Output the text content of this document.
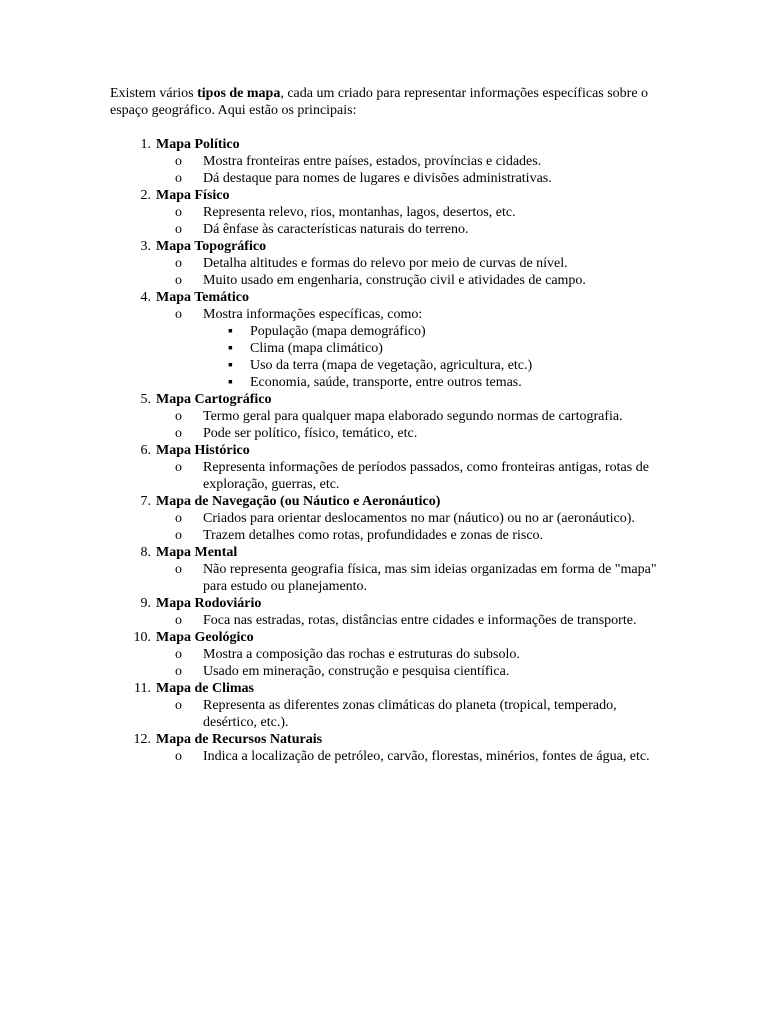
Existem vários tipos de mapa, cada um criado para representar informações específicas sobre o espaço geográfico. Aqui estão os principais:

1. Mapa Político
o Mostra fronteiras entre países, estados, províncias e cidades.
o Dá destaque para nomes de lugares e divisões administrativas.
2. Mapa Físico
o Representa relevo, rios, montanhas, lagos, desertos, etc.
o Dá ênfase às características naturais do terreno.
3. Mapa Topográfico
o Detalha altitudes e formas do relevo por meio de curvas de nível.
o Muito usado em engenharia, construção civil e atividades de campo.
4. Mapa Temático
o Mostra informações específicas, como:
▪ População (mapa demográfico)
▪ Clima (mapa climático)
▪ Uso da terra (mapa de vegetação, agricultura, etc.)
▪ Economia, saúde, transporte, entre outros temas.
5. Mapa Cartográfico
o Termo geral para qualquer mapa elaborado segundo normas de cartografia.
o Pode ser político, físico, temático, etc.
6. Mapa Histórico
o Representa informações de períodos passados, como fronteiras antigas, rotas de exploração, guerras, etc.
7. Mapa de Navegação (ou Náutico e Aeronáutico)
o Criados para orientar deslocamentos no mar (náutico) ou no ar (aeronáutico).
o Trazem detalhes como rotas, profundidades e zonas de risco.
8. Mapa Mental
o Não representa geografia física, mas sim ideias organizadas em forma de "mapa" para estudo ou planejamento.
9. Mapa Rodoviário
o Foca nas estradas, rotas, distâncias entre cidades e informações de transporte.
10. Mapa Geológico
o Mostra a composição das rochas e estruturas do subsolo.
o Usado em mineração, construção e pesquisa científica.
11. Mapa de Climas
o Representa as diferentes zonas climáticas do planeta (tropical, temperado, desértico, etc.).
12. Mapa de Recursos Naturais
o Indica a localização de petróleo, carvão, florestas, minérios, fontes de água, etc.
